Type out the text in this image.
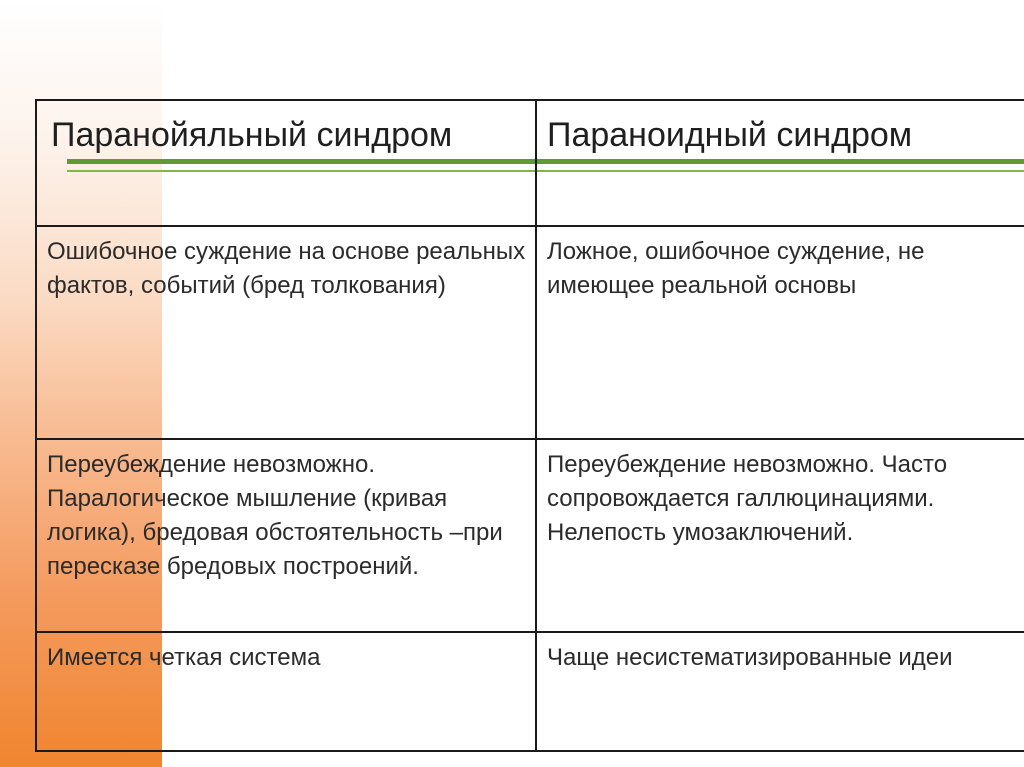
Паранойяльный синдром	Параноидный синдром

Ошибочное суждение на основе реальных фактов, событий (бред толкования)	Ложное, ошибочное суждение, не имеющее реальной основы

Переубеждение невозможно. Паралогическое мышление (кривая логика), бредовая обстоятельность –при пересказе бредовых построений.	Переубеждение невозможно. Часто сопровождается галлюцинациями. Нелепость умозаключений.

Имеется четкая система	Чаще несистематизированные идеи
